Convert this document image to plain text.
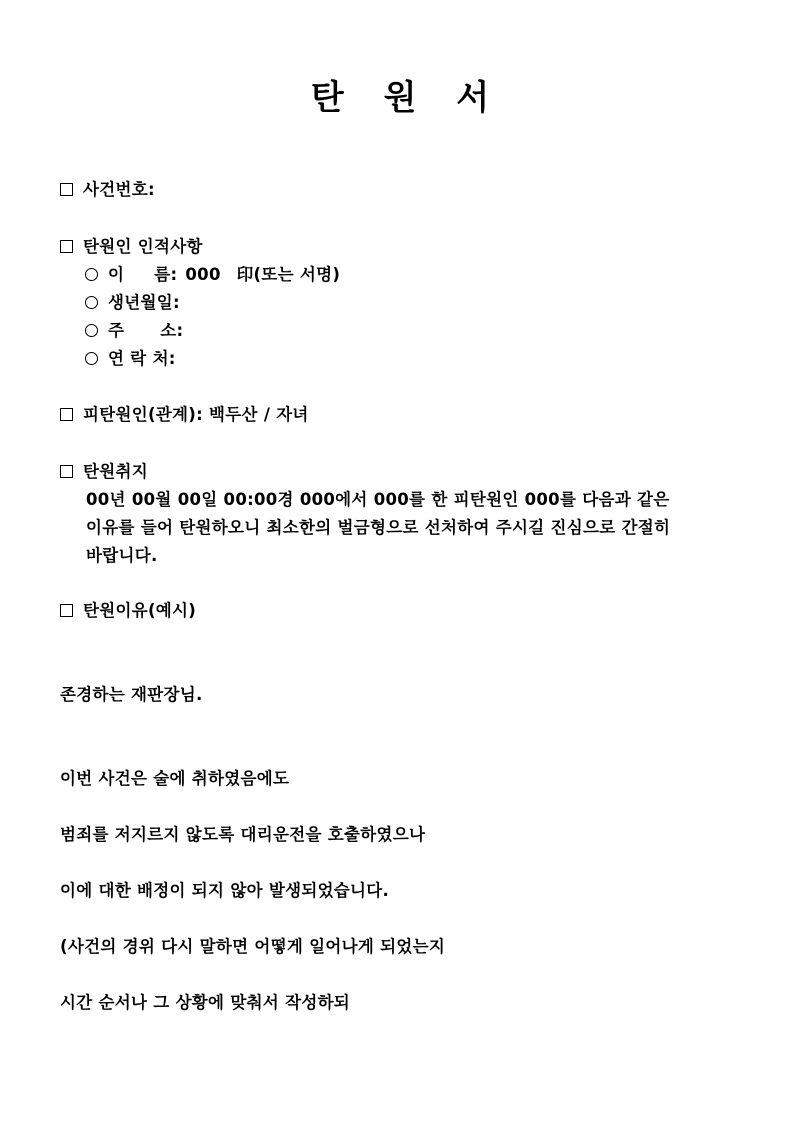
탄 원 서
사건번호:
탄원인 인적사항
이 름: 000 印(또는 서명)
생년월일:
주 소:
연 락 처:
피탄원인(관계): 백두산 / 자녀
탄원취지
00년 00월 00일 00:00경 000에서 000를 한 피탄원인 000를 다음과 같은
이유를 들어 탄원하오니 최소한의 벌금형으로 선처하여 주시길 진심으로 간절히
바랍니다.
탄원이유(예시)
존경하는 재판장님.
이번 사건은 술에 취하였음에도
범죄를 저지르지 않도록 대리운전을 호출하였으나
이에 대한 배정이 되지 않아 발생되었습니다.
(사건의 경위 다시 말하면 어떻게 일어나게 되었는지
시간 순서나 그 상황에 맞춰서 작성하되
